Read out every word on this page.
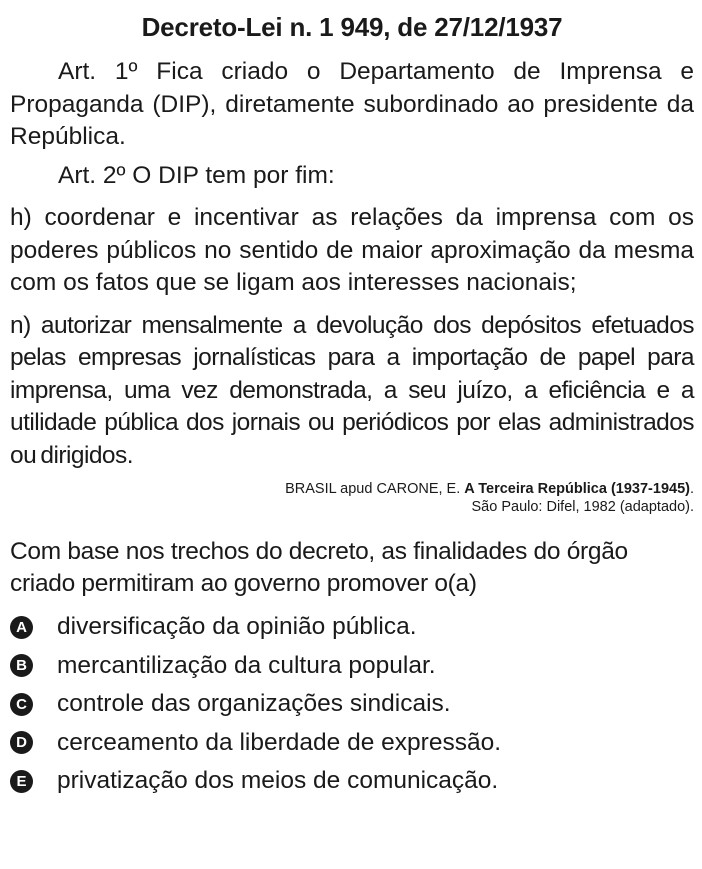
Decreto-Lei n. 1 949, de 27/12/1937

Art. 1º Fica criado o Departamento de Imprensa e Propaganda (DIP), diretamente subordinado ao presidente da República.

Art. 2º O DIP tem por fim:

h) coordenar e incentivar as relações da imprensa com os poderes públicos no sentido de maior aproximação da mesma com os fatos que se ligam aos interesses nacionais;

n) autorizar mensalmente a devolução dos depósitos efetuados pelas empresas jornalísticas para a importação de papel para imprensa, uma vez demonstrada, a seu juízo, a eficiência e a utilidade pública dos jornais ou periódicos por elas administrados ou dirigidos.

BRASIL apud CARONE, E. A Terceira República (1937-1945).
São Paulo: Difel, 1982 (adaptado).
Com base nos trechos do decreto, as finalidades do órgão criado permitiram ao governo promover o(a)
A diversificação da opinião pública.
B mercantilização da cultura popular.
C controle das organizações sindicais.
D cerceamento da liberdade de expressão.
E privatização dos meios de comunicação.
